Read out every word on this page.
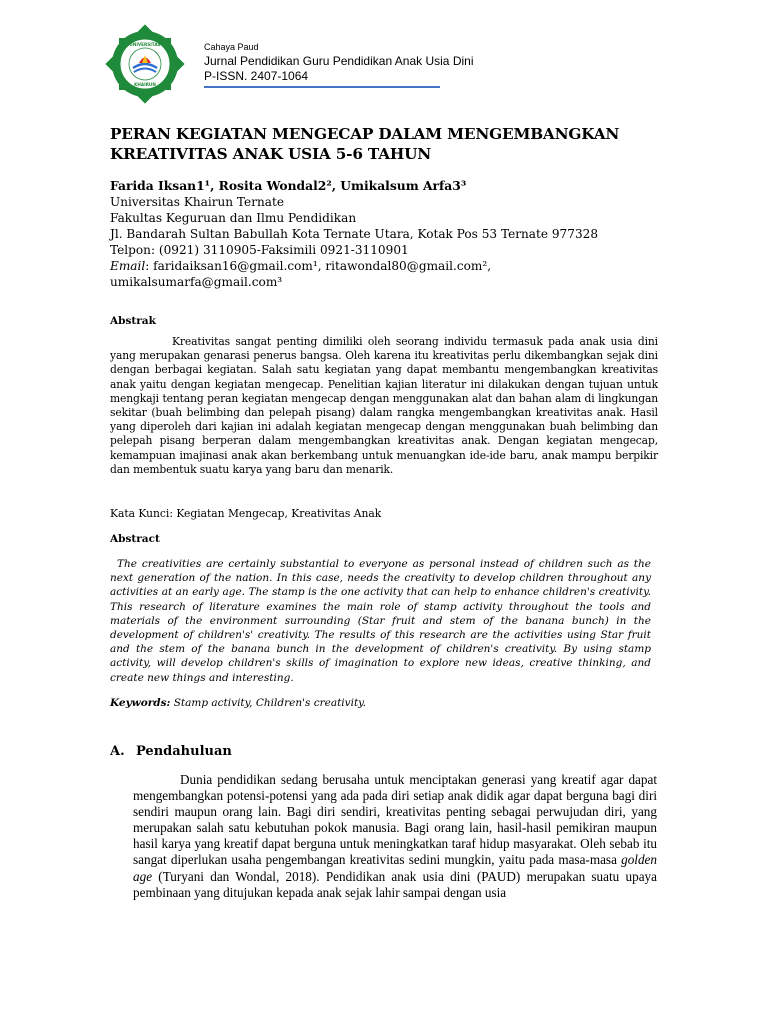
UNIVERSITAS
KHAIRUN
Cahaya Paud
Jurnal Pendidikan Guru Pendidikan Anak Usia Dini
P-ISSN. 2407-1064
PERAN KEGIATAN MENGECAP DALAM MENGEMBANGKAN KREATIVITAS ANAK USIA 5-6 TAHUN
Farida Iksan1¹, Rosita Wondal2², Umikalsum Arfa3³
Universitas Khairun Ternate
Fakultas Keguruan dan Ilmu Pendidikan
Jl. Bandarah Sultan Babullah Kota Ternate Utara, Kotak Pos 53 Ternate 977328
Telpon: (0921) 3110905-Faksimili 0921-3110901
Email: faridaiksan16@gmail.com¹, ritawondal80@gmail.com²,
umikalsumarfa@gmail.com³
Abstrak
Kreativitas sangat penting dimiliki oleh seorang individu termasuk pada anak usia dini yang merupakan genarasi penerus bangsa. Oleh karena itu kreativitas perlu dikembangkan sejak dini dengan berbagai kegiatan. Salah satu kegiatan yang dapat membantu mengembangkan kreativitas anak yaitu dengan kegiatan mengecap. Penelitian kajian literatur ini dilakukan dengan tujuan untuk mengkaji tentang peran kegiatan mengecap dengan menggunakan alat dan bahan alam di lingkungan sekitar (buah belimbing dan pelepah pisang) dalam rangka mengembangkan kreativitas anak. Hasil yang diperoleh dari kajian ini adalah kegiatan mengecap dengan menggunakan buah belimbing dan pelepah pisang berperan dalam mengembangkan kreativitas anak. Dengan kegiatan mengecap, kemampuan imajinasi anak akan berkembang untuk menuangkan ide-ide baru, anak mampu berpikir dan membentuk suatu karya yang baru dan menarik.
Kata Kunci: Kegiatan Mengecap, Kreativitas Anak
Abstract
The creativities are certainly substantial to everyone as personal instead of children such as the next generation of the nation. In this case, needs the creativity to develop children throughout any activities at an early age. The stamp is the one activity that can help to enhance children's creativity. This research of literature examines the main role of stamp activity throughout the tools and materials of the environment surrounding (Star fruit and stem of the banana bunch) in the development of children's' creativity. The results of this research are the activities using Star fruit and the stem of the banana bunch in the development of children's creativity. By using stamp activity, will develop children's skills of imagination to explore new ideas, creative thinking, and create new things and interesting.
Keywords: Stamp activity, Children's creativity.
A. Pendahuluan
Dunia pendidikan sedang berusaha untuk menciptakan generasi yang kreatif agar dapat mengembangkan potensi-potensi yang ada pada diri setiap anak didik agar dapat berguna bagi diri sendiri maupun orang lain. Bagi diri sendiri, kreativitas penting sebagai perwujudan diri, yang merupakan salah satu kebutuhan pokok manusia. Bagi orang lain, hasil-hasil pemikiran maupun hasil karya yang kreatif dapat berguna untuk meningkatkan taraf hidup masyarakat. Oleh sebab itu sangat diperlukan usaha pengembangan kreativitas sedini mungkin, yaitu pada masa-masa golden age (Turyani dan Wondal, 2018). Pendidikan anak usia dini (PAUD) merupakan suatu upaya pembinaan yang ditujukan kepada anak sejak lahir sampai dengan usia
